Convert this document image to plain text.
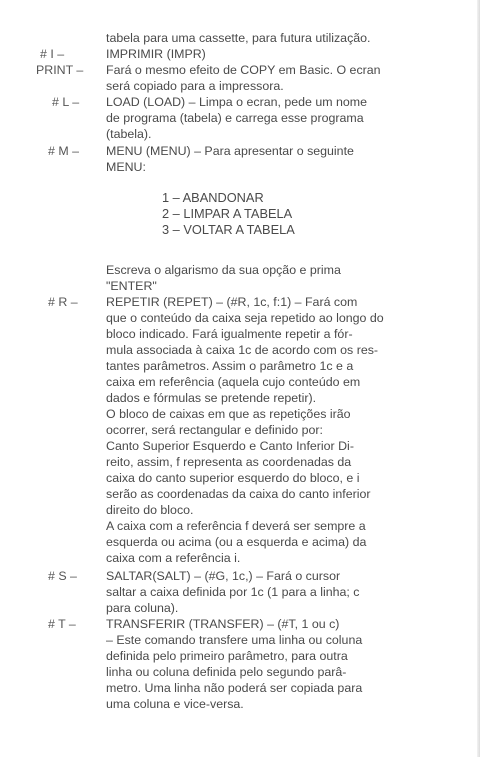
tabela para uma cassette, para futura utilização.
# I –	IMPRIMIR (IMPR)
PRINT – Fará o mesmo efeito de COPY em Basic. O ecran
será copiado para a impressora.
# L – LOAD (LOAD) – Limpa o ecran, pede um nome
de programa (tabela) e carrega esse programa
(tabela).
# M – MENU (MENU) – Para apresentar o seguinte
MENU:
1 – ABANDONAR
2 – LIMPAR A TABELA
3 – VOLTAR A TABELA
Escreva o algarismo da sua opção e prima
"ENTER"
# R – REPETIR (REPET) – (#R, 1c, f:1) – Fará com
que o conteúdo da caixa seja repetido ao longo do
bloco indicado. Fará igualmente repetir a fór-
mula associada à caixa 1c de acordo com os res-
tantes parâmetros. Assim o parâmetro 1c e a
caixa em referência (aquela cujo conteúdo em
dados e fórmulas se pretende repetir).
O bloco de caixas em que as repetições irão
ocorrer, será rectangular e definido por:
Canto Superior Esquerdo e Canto Inferior Di-
reito, assim, f representa as coordenadas da
caixa do canto superior esquerdo do bloco, e i
serão as coordenadas da caixa do canto inferior
direito do bloco.
A caixa com a referência f deverá ser sempre a
esquerda ou acima (ou a esquerda e acima) da
caixa com a referência i.
# S – SALTAR(SALT) – (#G, 1c,) – Fará o cursor
saltar a caixa definida por 1c (1 para a linha; c
para coluna).
# T – TRANSFERIR (TRANSFER) – (#T, 1 ou c)
– Este comando transfere uma linha ou coluna
definida pelo primeiro parâmetro, para outra
linha ou coluna definida pelo segundo parâ-
metro. Uma linha não poderá ser copiada para
uma coluna e vice-versa.
